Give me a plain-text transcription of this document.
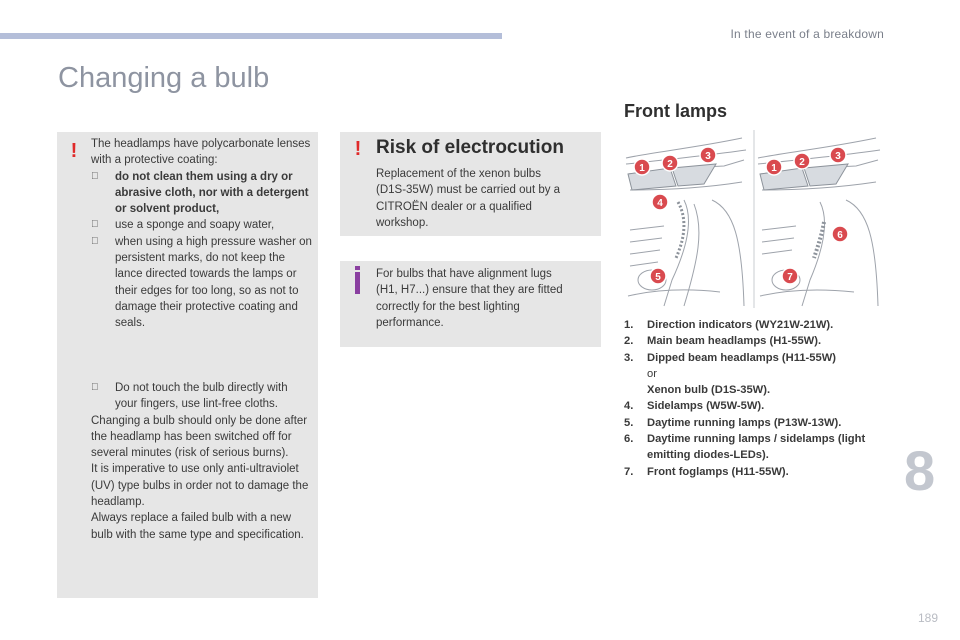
In the event of a breakdown
Changing a bulb
! The headlamps have polycarbonate lenses with a protective coating:
do not clean them using a dry or abrasive cloth, nor with a detergent or solvent product,
use a sponge and soapy water,
when using a high pressure washer on persistent marks, do not keep the lance directed towards the lamps or their edges for too long, so as not to damage their protective coating and seals.
Do not touch the bulb directly with your fingers, use lint-free cloths.
Changing a bulb should only be done after the headlamp has been switched off for several minutes (risk of serious burns).
It is imperative to use only anti-ultraviolet (UV) type bulbs in order not to damage the headlamp.
Always replace a failed bulb with a new bulb with the same type and specification.
! Risk of electrocution
Replacement of the xenon bulbs (D1S-35W) must be carried out by a CITROËN dealer or a qualified workshop.
For bulbs that have alignment lugs (H1, H7...) ensure that they are fitted correctly for the best lighting performance.
Front lamps
1 2
3
4
5
1
2
3
6
7
1. Direction indicators (WY21W-21W).
2. Main beam headlamps (H1-55W).
3. Dipped beam headlamps (H11-55W)
or
Xenon bulb (D1S-35W).
4. Sidelamps (W5W-5W).
5. Daytime running lamps (P13W-13W).
6. Daytime running lamps / sidelamps (light emitting diodes-LEDs).
7. Front foglamps (H11-55W).	8
189
